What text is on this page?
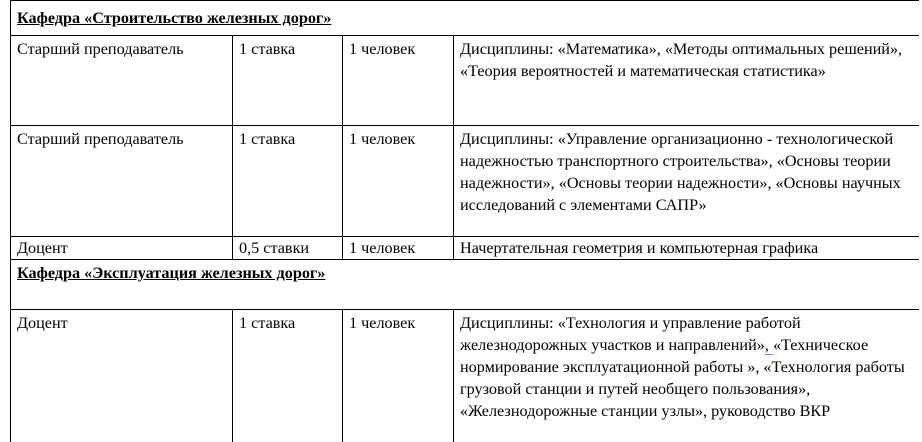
Кафедра «Строительство железных дорог»			
Старший преподаватель	1 ставка	1 человек	Дисциплины: «Математика», «Методы оптимальных решений», «Теория вероятностей и математическая статистика»
Старший преподаватель	1 ставка	1 человек	Дисциплины: «Управление организационно - технологической надежностью транспортного строительства», «Основы теории надежности», «Основы теории надежности», «Основы научных исследований с элементами САПР»
Доцент	0,5 ставки	1 человек	Начертательная геометрия и компьютерная графика
Кафедра «Эксплуатация железных дорог»			
Доцент	1 ставка	1 человек	Дисциплины: «Технология и управление работой железнодорожных участков и направлений», «Техническое нормирование эксплуатационной работы », «Технология работы грузовой станции и путей необщего пользования», «Железнодорожные станции узлы», руководство ВКР
